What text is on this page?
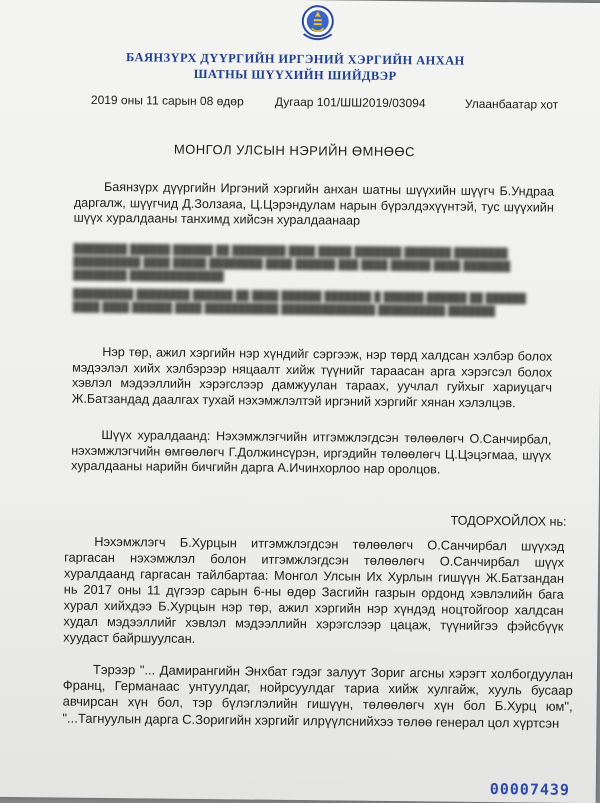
БАЯНЗҮРХ ДҮҮРГИЙН ИРГЭНИЙ ХЭРГИЙН АНХАН
ШАТНЫ ШҮҮХИЙН ШИЙДВЭР
2019 оны 11 сарын 08 өдөр	Дугаар 101/ШШ2019/03094	Улаанбаатар хот
МОНГОЛ УЛСЫН НЭРИЙН ӨМНӨӨС

Баянзүрх дүүргийн Иргэний хэргийн анхан шатны шүүхийн шүүгч Б.Ундраа даргалж, шүүгчид Д.Золзаяа, Ц.Цэрэндулам нарын бүрэлдэхүүнтэй, тус шүүхийн шүүх хуралдааны танхимд хийсэн хуралдаанаар

████████ ██████ ██████ ██ ████████ ████ █████ ███████ ███████ ████████ ██████████ ████ █████ ████████ ████ ██████ ███ ████ ██████ ████ ███████ ████████ ██████████████

█████████ ████████ ██████ ██ ████ ██████ ███████ █ ██████ ██████ ██ ██████ ████ ████ ██████ ████ ███████████ ██████████████ ██████████ ███████

Нэр төр, ажил хэргийн нэр хүндийг сэргээж, нэр төрд халдсан хэлбэр болох мэдээлэл хийх хэлбэрээр няцаалт хийж түүнийг тараасан арга хэрэгсэл болох хэвлэл мэдээллийн хэрэгслээр дамжуулан тараах, уучлал гуйхыг хариуцагч Ж.Батзандад даалгах тухай нэхэмжлэлтэй иргэний хэргийг хянан хэлэлцэв.

Шүүх хуралдаанд: Нэхэмжлэгчийн итгэмжлэгдсэн төлөөлөгч О.Санчирбал, нэхэмжлэгчийн өмгөөлөгч Г.Должинсүрэн, иргэдийн төлөөлөгч Ц.Цэцэгмаа, шүүх хуралдааны нарийн бичгийн дарга А.Ичинхорлоо нар оролцов.

ТОДОРХОЙЛОХ нь:

Нэхэмжлэгч Б.Хурцын итгэмжлэгдсэн төлөөлөгч О.Санчирбал шүүхэд гаргасан нэхэмжлэл болон итгэмжлэгдсэн төлөөлөгч О.Санчирбал шүүх хуралдаанд гаргасан тайлбартаа: Монгол Улсын Их Хурлын гишүүн Ж.Батзандан нь 2017 оны 11 дүгээр сарын 6-ны өдөр Засгийн газрын ордонд хэвлэлийн бага хурал хийхдээ Б.Хурцын нэр төр, ажил хэргийн нэр хүндэд ноцтойгоор халдсан худал мэдээллийг хэвлэл мэдээллийн хэрэгслээр цацаж, түүнийгээ фэйсбүүк хуудаст байршуулсан.

Тэрээр "... Дамирангийн Энхбат гэдэг залуут Зориг агсны хэрэгт холбогдуулан Франц, Германаас унтуулдаг, нойрсуулдаг тариа хийж хулгайж, хууль бусаар авчирсан хүн бол, тэр бүлэглэлийн гишүүн, төлөөлөгч хүн бол Б.Хурц юм", "...Тагнуулын дарга С.Зоригийн хэргийг илрүүлснийхээ төлөө генерал цол хүртсэн

00007439
